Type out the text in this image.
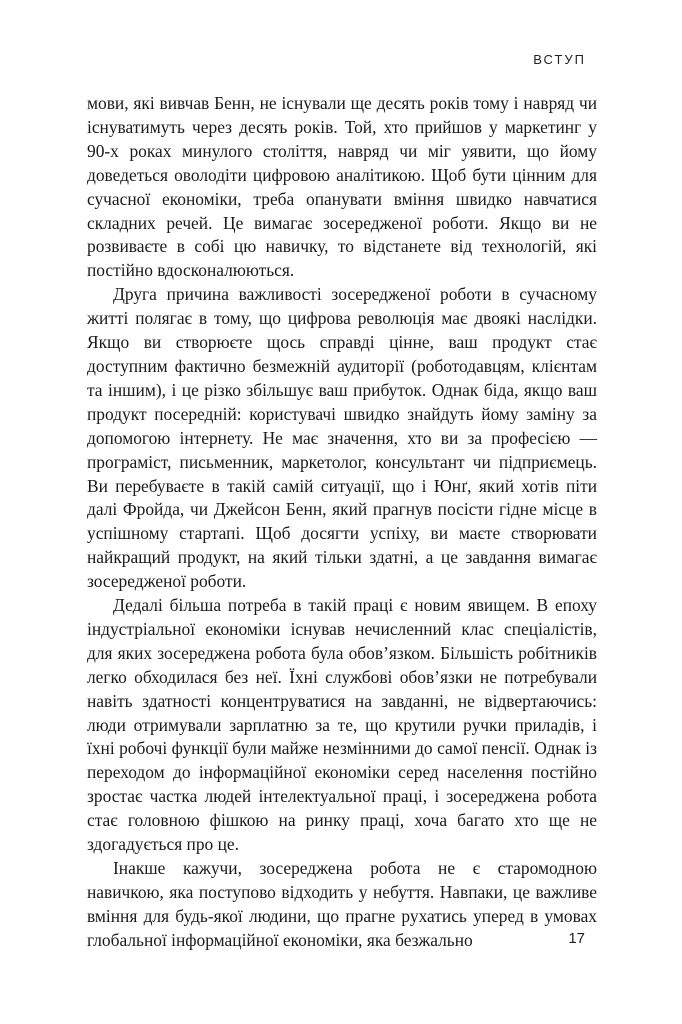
ВСТУП

мови, які вивчав Бенн, не існували ще десять років тому і навряд чи існуватимуть через десять років. Той, хто прийшов у маркетинг у 90-х роках минулого століття, навряд чи міг уявити, що йому доведеться оволодіти цифровою аналітикою. Щоб бути цінним для сучасної економіки, треба опанувати вміння швидко навчатися складних речей. Це вимагає зосередженої роботи. Якщо ви не розвиваєте в собі цю навичку, то відстанете від технологій, які постійно вдосконалюються.

Друга причина важливості зосередженої роботи в сучасному житті полягає в тому, що цифрова революція має двоякі наслідки. Якщо ви створюєте щось справді цінне, ваш продукт стає доступним фактично безмежній аудиторії (роботодавцям, клієнтам та іншим), і це різко збільшує ваш прибуток. Однак біда, якщо ваш продукт посередній: користувачі швидко знайдуть йому заміну за допомогою інтернету. Не має значення, хто ви за професією — програміст, письменник, маркетолог, консультант чи підприємець. Ви перебуваєте в такій самій ситуації, що і Юнґ, який хотів піти далі Фройда, чи Джейсон Бенн, який прагнув посісти гідне місце в успішному стартапі. Щоб досягти успіху, ви маєте створювати найкращий продукт, на який тільки здатні, а це завдання вимагає зосередженої роботи.

Дедалі більша потреба в такій праці є новим явищем. В епоху індустріальної економіки існував нечисленний клас спеціалістів, для яких зосереджена робота була обов’язком. Більшість робітників легко обходилася без неї. Їхні службові обов’язки не потребували навіть здатності концентруватися на завданні, не відвертаючись: люди отримували зарплатню за те, що крутили ручки приладів, і їхні робочі функції були майже незмінними до самої пенсії. Однак із переходом до інформаційної економіки серед населення постійно зростає частка людей інтелектуальної праці, і зосереджена робота стає головною фішкою на ринку праці, хоча багато хто ще не здогадується про це.

Інакше кажучи, зосереджена робота не є старомодною навичкою, яка поступово відходить у небуття. Навпаки, це важливе вміння для будь-якої людини, що прагне рухатись уперед в умовах глобальної інформаційної економіки, яка безжально	17
